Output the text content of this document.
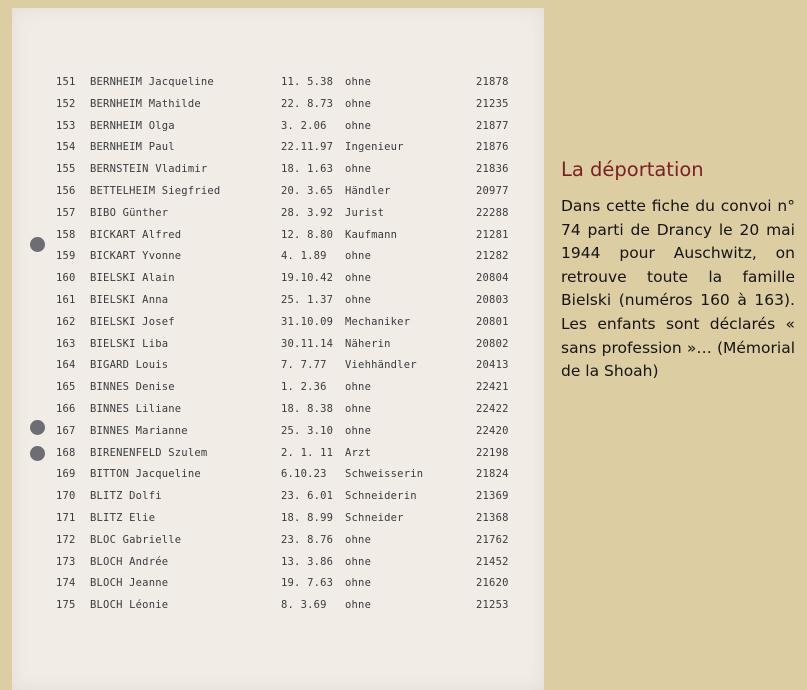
151 BERNHEIM Jacqueline	11. 5.38 ohne	21878
152 BERNHEIM Mathilde	22. 8.73 ohne	21235
153 BERNHEIM Olga	3. 2.06 ohne	21877
154 BERNHEIM Paul	22.11.97 Ingenieur	21876
155 BERNSTEIN Vladimir	18. 1.63 ohne	21836
156 BETTELHEIM Siegfried	20. 3.65 Händler	20977
157 BIBO Günther	28. 3.92 Jurist	22288
158 BICKART Alfred	12. 8.80 Kaufmann	21281
159 BICKART Yvonne	4. 1.89 ohne	21282
160 BIELSKI Alain	19.10.42 ohne	20804
161 BIELSKI Anna	25. 1.37 ohne	20803
162 BIELSKI Josef	31.10.09 Mechaniker	20801
163 BIELSKI Liba	30.11.14 Näherin	20802
164 BIGARD Louis	7. 7.77 Viehhändler	20413
165 BINNES Denise	1. 2.36 ohne	22421
166 BINNES Liliane	18. 8.38 ohne	22422
167 BINNES Marianne	25. 3.10 ohne	22420
168 BIRENENFELD Szulem	2. 1. 11 Arzt	22198
169 BITTON Jacqueline	6.10.23 Schweisserin	21824
170 BLITZ Dolfi	23. 6.01 Schneiderin	21369
171 BLITZ Elie	18. 8.99 Schneider	21368
172 BLOC Gabrielle	23. 8.76 ohne	21762
173 BLOCH Andrée	13. 3.86 ohne	21452
174 BLOCH Jeanne	19. 7.63 ohne	21620
175 BLOCH Léonie	8. 3.69 ohne	21253
La déportation

Dans cette fiche du convoi n° 74 parti de Drancy le 20 mai 1944 pour Auschwitz, on retrouve toute la famille Bielski (numéros 160 à 163). Les enfants sont déclarés « sans profession »… (Mémorial de la Shoah)
